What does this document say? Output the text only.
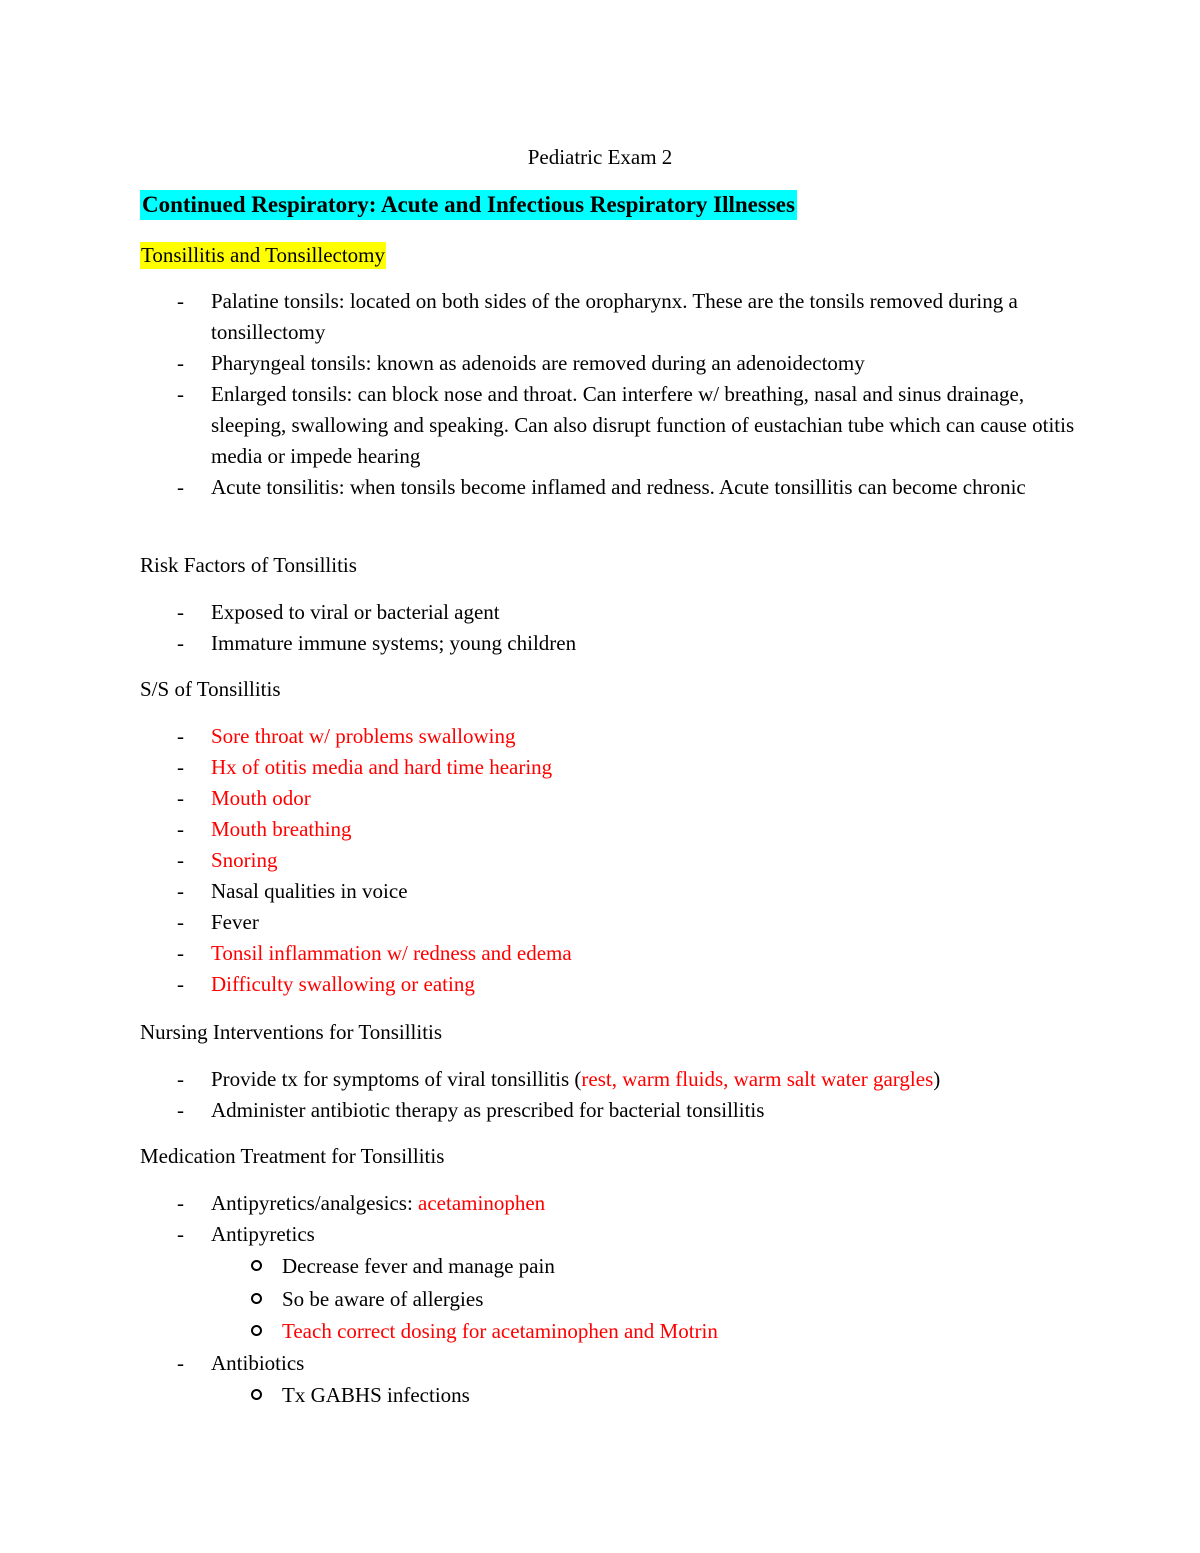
Pediatric Exam 2
Continued Respiratory: Acute and Infectious Respiratory Illnesses
Tonsillitis and Tonsillectomy
- Palatine tonsils: located on both sides of the oropharynx. These are the tonsils removed during a tonsillectomy
- Pharyngeal tonsils: known as adenoids are removed during an adenoidectomy
- Enlarged tonsils: can block nose and throat. Can interfere w/ breathing, nasal and sinus drainage, sleeping, swallowing and speaking. Can also disrupt function of eustachian tube which can cause otitis media or impede hearing
- Acute tonsilitis: when tonsils become inflamed and redness. Acute tonsillitis can become chronic
Risk Factors of Tonsillitis
- Exposed to viral or bacterial agent
- Immature immune systems; young children
S/S of Tonsillitis
- Sore throat w/ problems swallowing
- Hx of otitis media and hard time hearing
- Mouth odor
- Mouth breathing
- Snoring
- Nasal qualities in voice
- Fever
- Tonsil inflammation w/ redness and edema
- Difficulty swallowing or eating
Nursing Interventions for Tonsillitis
- Provide tx for symptoms of viral tonsillitis (rest, warm fluids, warm salt water gargles)
- Administer antibiotic therapy as prescribed for bacterial tonsillitis
Medication Treatment for Tonsillitis
- Antipyretics/analgesics: acetaminophen
- Antipyretics
Decrease fever and manage pain
So be aware of allergies
Teach correct dosing for acetaminophen and Motrin
- Antibiotics
Tx GABHS infections
